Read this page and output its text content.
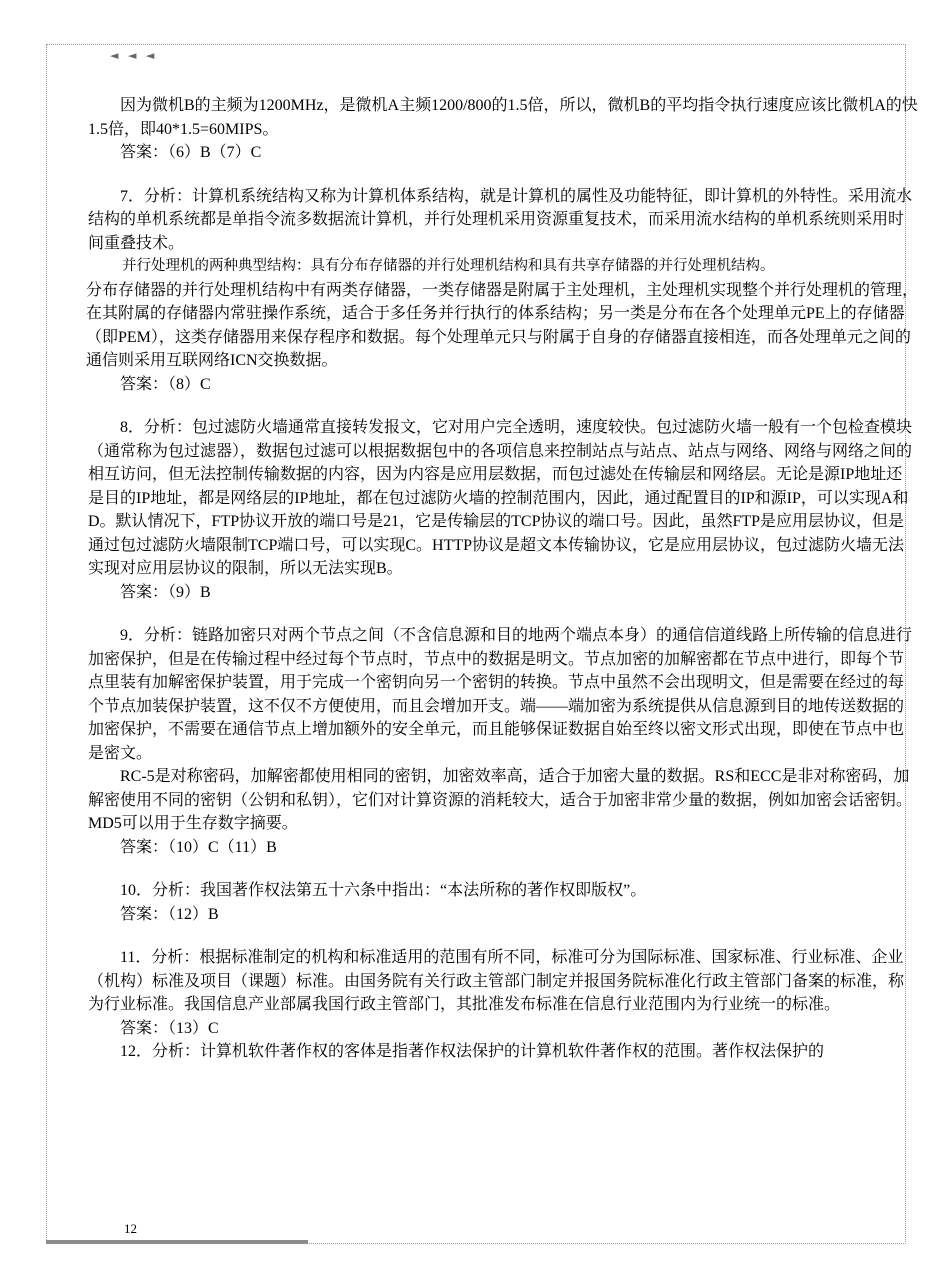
◄ ◄ ◄

因为微机B的主频为1200MHz，是微机A主频1200/800的1.5倍，所以，微机B的平均指令执行速度应该比微机A的快1.5倍，即40*1.5=60MIPS。

答案：（6）B（7）C

7．分析：计算机系统结构又称为计算机体系结构，就是计算机的属性及功能特征，即计算机的外特性。采用流水结构的单机系统都是单指令流多数据流计算机，并行处理机采用资源重复技术，而采用流水结构的单机系统则采用时间重叠技术。

并行处理机的两种典型结构：具有分布存储器的并行处理机结构和具有共享存储器的并行处理机结构。

分布存储器的并行处理机结构中有两类存储器，一类存储器是附属于主处理机，主处理机实现整个并行处理机的管理，在其附属的存储器内常驻操作系统，适合于多任务并行执行的体系结构；另一类是分布在各个处理单元PE上的存储器（即PEM），这类存储器用来保存程序和数据。每个处理单元只与附属于自身的存储器直接相连，而各处理单元之间的通信则采用互联网络ICN交换数据。

答案：（8）C

8．分析：包过滤防火墙通常直接转发报文，它对用户完全透明，速度较快。包过滤防火墙一般有一个包检查模块（通常称为包过滤器），数据包过滤可以根据数据包中的各项信息来控制站点与站点、站点与网络、网络与网络之间的相互访问，但无法控制传输数据的内容，因为内容是应用层数据，而包过滤处在传输层和网络层。无论是源IP地址还是目的IP地址，都是网络层的IP地址，都在包过滤防火墙的控制范围内，因此，通过配置目的IP和源IP，可以实现A和D。默认情况下，FTP协议开放的端口号是21，它是传输层的TCP协议的端口号。因此，虽然FTP是应用层协议，但是通过包过滤防火墙限制TCP端口号，可以实现C。HTTP协议是超文本传输协议，它是应用层协议，包过滤防火墙无法实现对应用层协议的限制，所以无法实现B。

答案：（9）B

9．分析：链路加密只对两个节点之间（不含信息源和目的地两个端点本身）的通信信道线路上所传输的信息进行加密保护，但是在传输过程中经过每个节点时，节点中的数据是明文。节点加密的加解密都在节点中进行，即每个节点里装有加解密保护装置，用于完成一个密钥向另一个密钥的转换。节点中虽然不会出现明文，但是需要在经过的每个节点加装保护装置，这不仅不方便使用，而且会增加开支。端——端加密为系统提供从信息源到目的地传送数据的加密保护，不需要在通信节点上增加额外的安全单元，而且能够保证数据自始至终以密文形式出现，即使在节点中也是密文。

RC-5是对称密码，加解密都使用相同的密钥，加密效率高，适合于加密大量的数据。RS和ECC是非对称密码，加解密使用不同的密钥（公钥和私钥），它们对计算资源的消耗较大，适合于加密非常少量的数据，例如加密会话密钥。MD5可以用于生存数字摘要。

答案：（10）C（11）B

10．分析：我国著作权法第五十六条中指出：“本法所称的著作权即版权”。

答案：（12）B

11．分析：根据标准制定的机构和标准适用的范围有所不同，标准可分为国际标准、国家标准、行业标准、企业（机构）标准及项目（课题）标准。由国务院有关行政主管部门制定并报国务院标准化行政主管部门备案的标准，称为行业标准。我国信息产业部属我国行政主管部门，其批准发布标准在信息行业范围内为行业统一的标准。

答案：（13）C

12．分析：计算机软件著作权的客体是指著作权法保护的计算机软件著作权的范围。著作权法保护的

12
